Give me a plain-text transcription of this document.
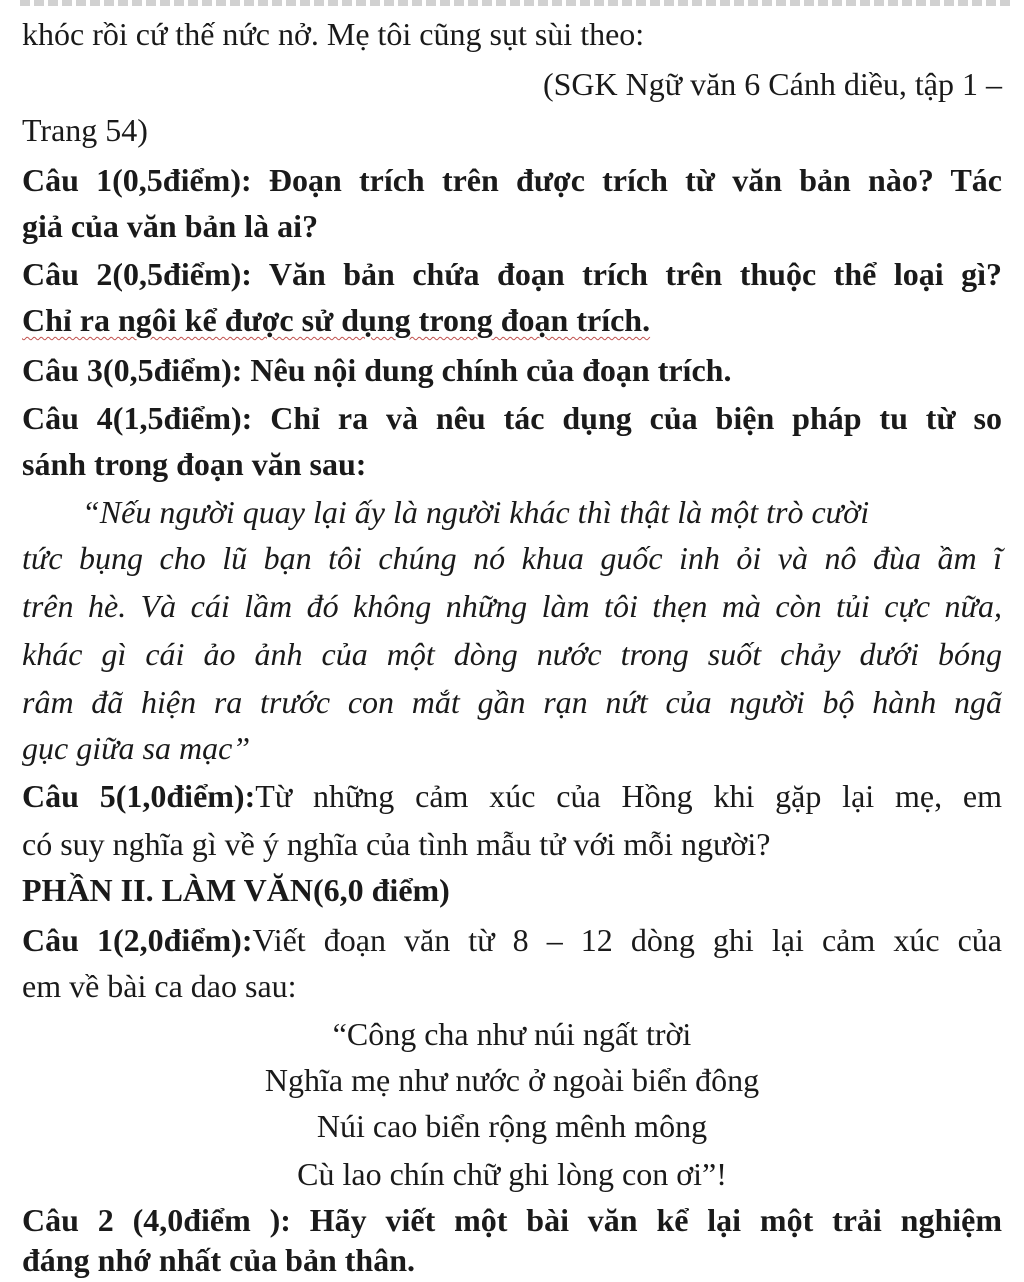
khóc rồi cứ thế nức nở. Mẹ tôi cũng sụt sùi theo:
(SGK Ngữ văn 6 Cánh diều, tập 1 –
Trang 54)
Câu 1(0,5điểm): Đoạn trích trên được trích từ văn bản nào? Tác
giả của văn bản là ai?
Câu 2(0,5điểm): Văn bản chứa đoạn trích trên thuộc thể loại gì?
Chỉ ra ngôi kể được sử dụng trong đoạn trích.
Câu 3(0,5điểm): Nêu nội dung chính của đoạn trích.
Câu 4(1,5điểm): Chỉ ra và nêu tác dụng của biện pháp tu từ so
sánh trong đoạn văn sau:
“Nếu người quay lại ấy là người khác thì thật là một trò cười
tức bụng cho lũ bạn tôi chúng nó khua guốc inh ỏi và nô đùa ầm ĩ
trên hè. Và cái lầm đó không những làm tôi thẹn mà còn tủi cực nữa,
khác gì cái ảo ảnh của một dòng nước trong suốt chảy dưới bóng
râm đã hiện ra trước con mắt gần rạn nứt của người bộ hành ngã
gục giữa sa mạc”
Câu 5(1,0điểm):Từ những cảm xúc của Hồng khi gặp lại mẹ, em
có suy nghĩa gì về ý nghĩa của tình mẫu tử với mỗi người?
PHẦN II. LÀM VĂN(6,0 điểm)
Câu 1(2,0điểm):Viết đoạn văn từ 8 – 12 dòng ghi lại cảm xúc của
em về bài ca dao sau:
“Công cha như núi ngất trời
Nghĩa mẹ như nước ở ngoài biển đông
Núi cao biển rộng mênh mông
Cù lao chín chữ ghi lòng con ơi”!
Câu 2 (4,0điểm ): Hãy viết một bài văn kể lại một trải nghiệm
đáng nhớ nhất của bản thân.
